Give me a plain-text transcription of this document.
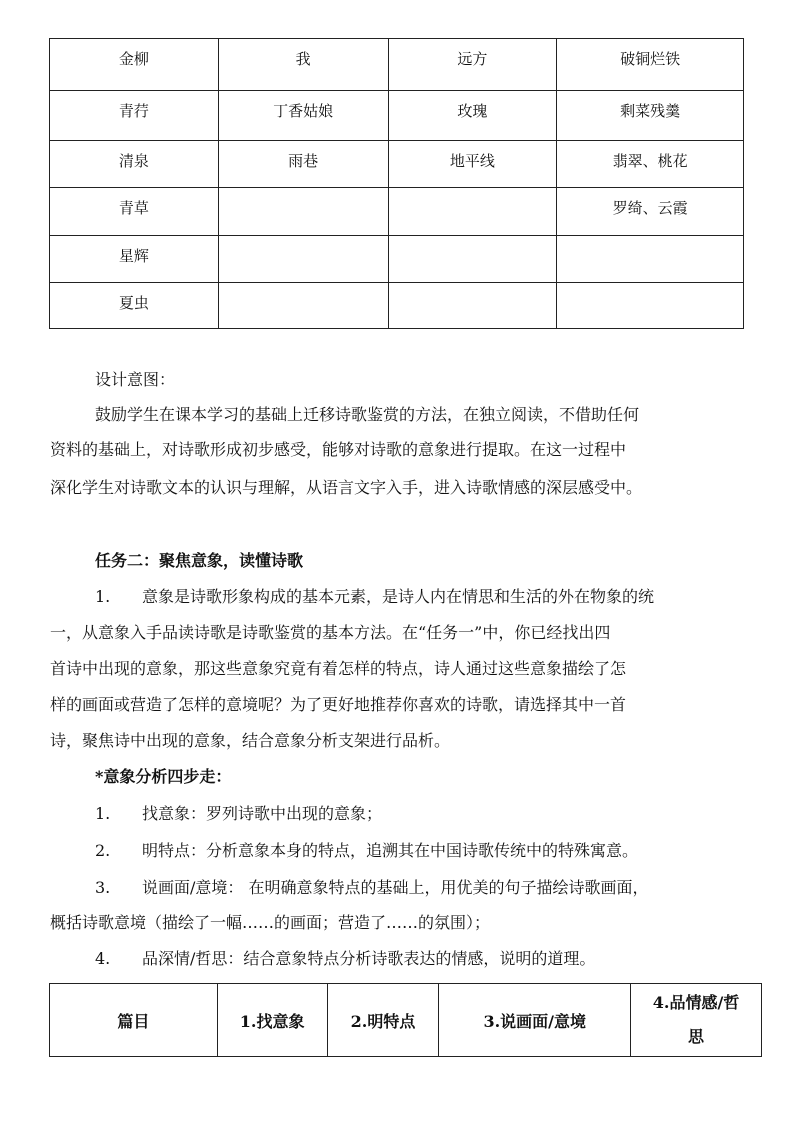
金柳	我	远方	破铜烂铁
青荇	丁香姑娘	玫瑰	剩菜残羹
清泉	雨巷	地平线	翡翠、桃花
青草			罗绮、云霞
星辉			
夏虫			
设计意图：
鼓励学生在课本学习的基础上迁移诗歌鉴赏的方法，在独立阅读，不借助任何
资料的基础上，对诗歌形成初步感受，能够对诗歌的意象进行提取。在这一过程中
深化学生对诗歌文本的认识与理解，从语言文字入手，进入诗歌情感的深层感受中。
任务二：聚焦意象，读懂诗歌
1. 意象是诗歌形象构成的基本元素，是诗人内在情思和生活的外在物象的统
一，从意象入手品读诗歌是诗歌鉴赏的基本方法。在“任务一”中，你已经找出四
首诗中出现的意象，那这些意象究竟有着怎样的特点，诗人通过这些意象描绘了怎
样的画面或营造了怎样的意境呢？为了更好地推荐你喜欢的诗歌，请选择其中一首
诗，聚焦诗中出现的意象，结合意象分析支架进行品析。
*意象分析四步走：
1. 找意象：罗列诗歌中出现的意象；
2. 明特点：分析意象本身的特点，追溯其在中国诗歌传统中的特殊寓意。
3. 说画面/意境： 在明确意象特点的基础上，用优美的句子描绘诗歌画面，
概括诗歌意境（描绘了一幅……的画面；营造了……的氛围）；
4. 品深情/哲思：结合意象特点分析诗歌表达的情感，说明的道理。
篇目	1.找意象	2.明特点	3.说画面/意境	4.品情感/哲思
